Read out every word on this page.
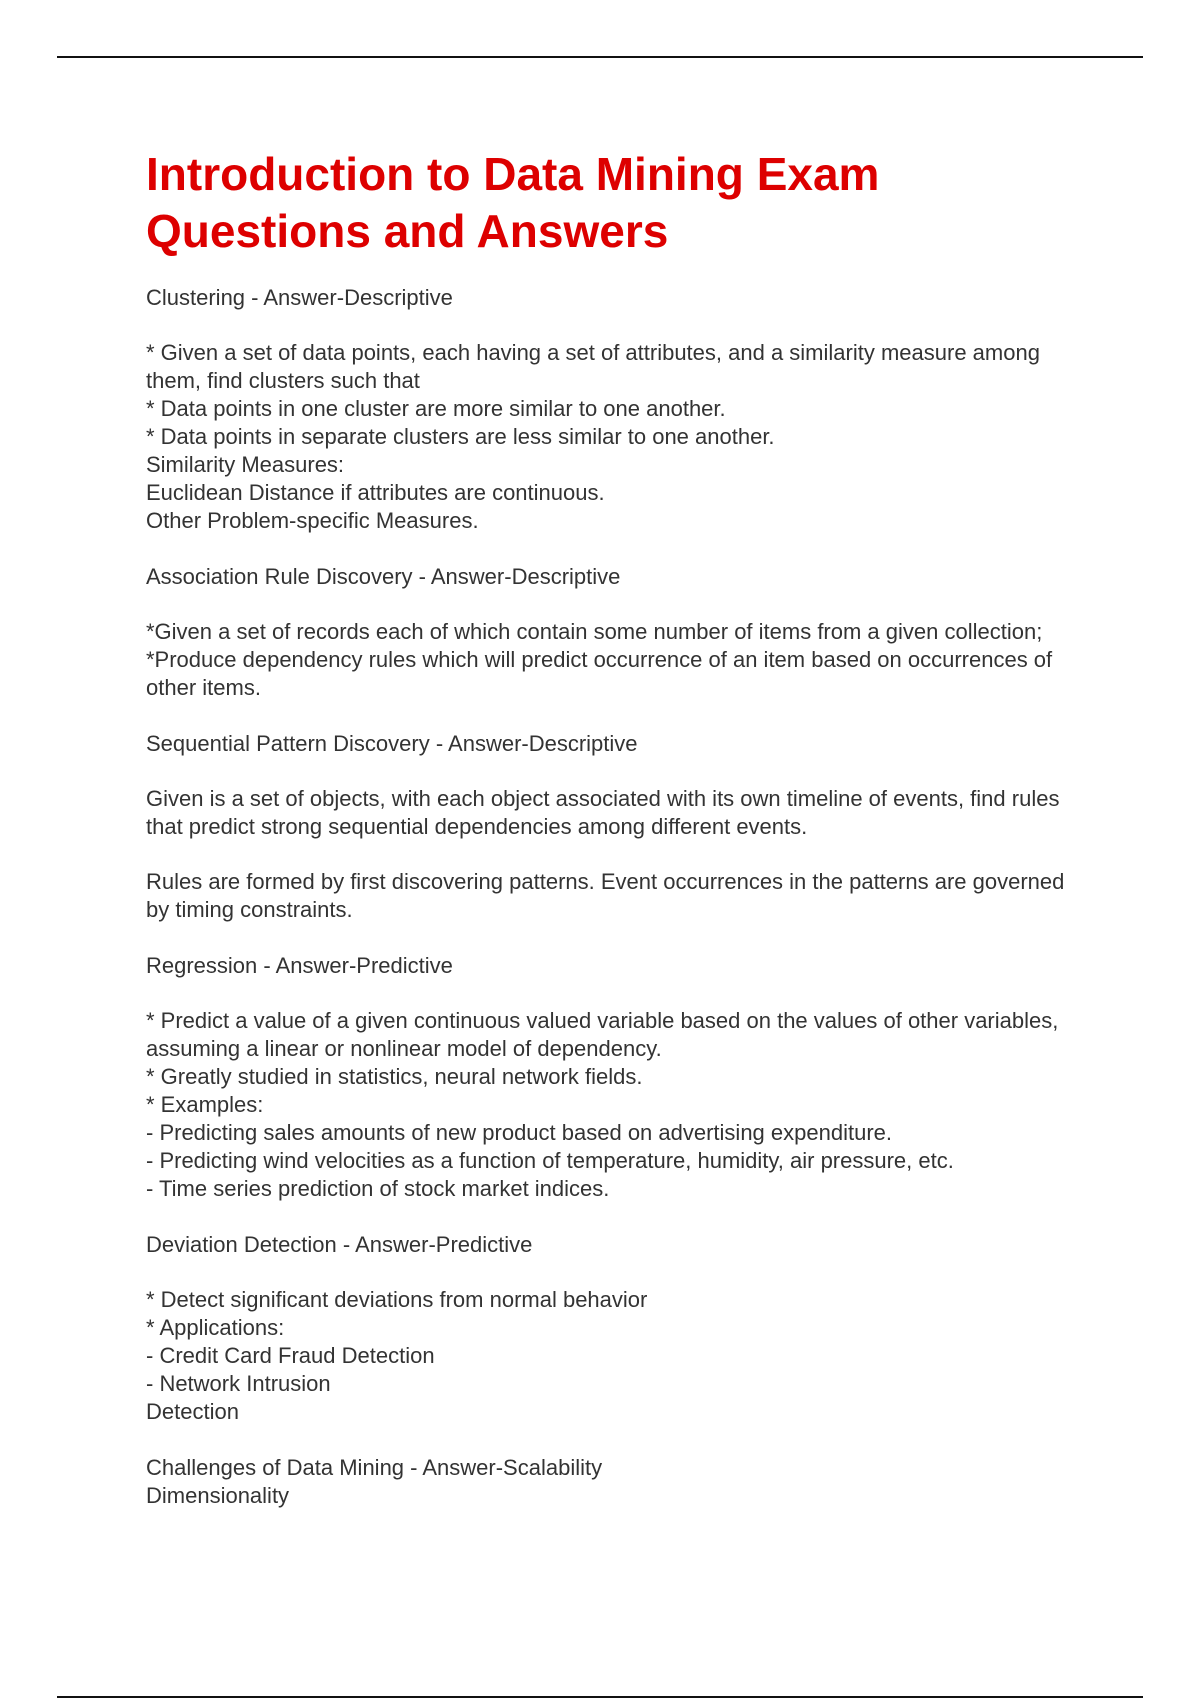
Introduction to Data Mining Exam Questions and Answers

Clustering - Answer-Descriptive

* Given a set of data points, each having a set of attributes, and a similarity measure among them, find clusters such that
* Data points in one cluster are more similar to one another.
* Data points in separate clusters are less similar to one another.
Similarity Measures:
Euclidean Distance if attributes are continuous.
Other Problem-specific Measures.

Association Rule Discovery - Answer-Descriptive

*Given a set of records each of which contain some number of items from a given collection;
*Produce dependency rules which will predict occurrence of an item based on occurrences of other items.

Sequential Pattern Discovery - Answer-Descriptive

Given is a set of objects, with each object associated with its own timeline of events, find rules that predict strong sequential dependencies among different events.

Rules are formed by first discovering patterns. Event occurrences in the patterns are governed by timing constraints.

Regression - Answer-Predictive

* Predict a value of a given continuous valued variable based on the values of other variables, assuming a linear or nonlinear model of dependency.
* Greatly studied in statistics, neural network fields.
* Examples:
- Predicting sales amounts of new product based on advertising expenditure.
- Predicting wind velocities as a function of temperature, humidity, air pressure, etc.
- Time series prediction of stock market indices.

Deviation Detection - Answer-Predictive

* Detect significant deviations from normal behavior
* Applications:
- Credit Card Fraud Detection
- Network Intrusion
Detection

Challenges of Data Mining - Answer-Scalability
Dimensionality
